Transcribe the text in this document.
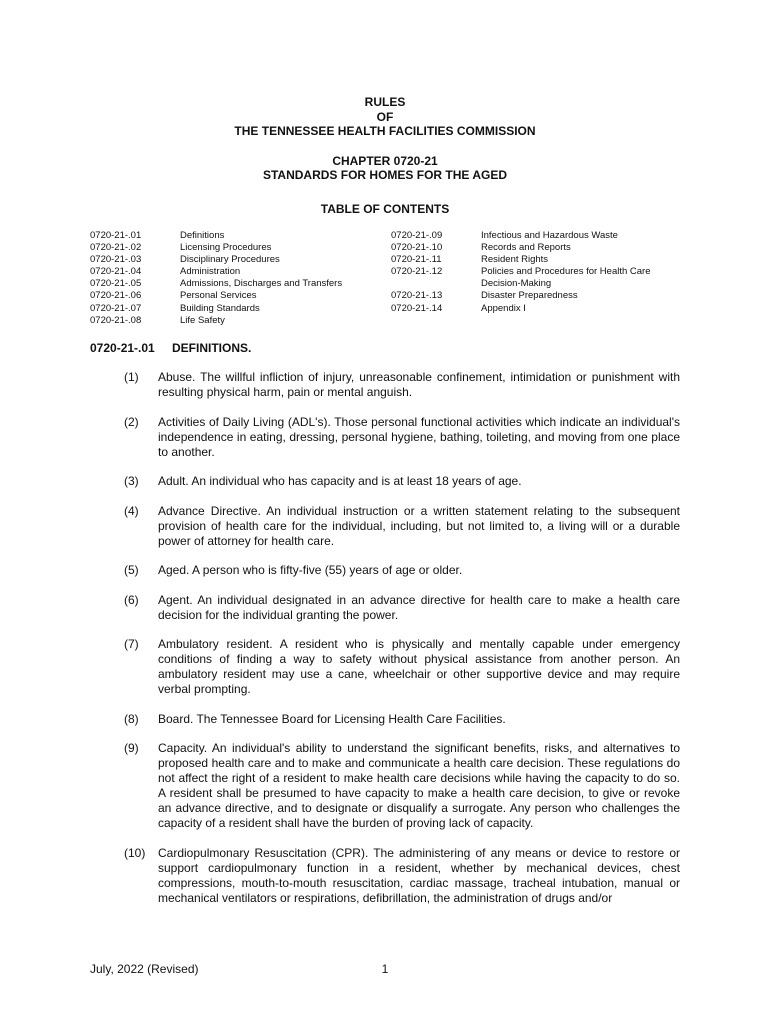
RULES
OF
THE TENNESSEE HEALTH FACILITIES COMMISSION
CHAPTER 0720-21
STANDARDS FOR HOMES FOR THE AGED
TABLE OF CONTENTS
0720-21-.01	Definitions
0720-21-.02	Licensing Procedures
0720-21-.03	Disciplinary Procedures
0720-21-.04	Administration
0720-21-.05	Admissions, Discharges and Transfers
0720-21-.06	Personal Services
0720-21-.07	Building Standards
0720-21-.08	Life Safety
0720-21-.09	Infectious and Hazardous Waste
0720-21-.10	Records and Reports
0720-21-.11	Resident Rights
0720-21-.12	Policies and Procedures for Health Care
Decision-Making
0720-21-.13	Disaster Preparedness
0720-21-.14	Appendix I
0720-21-.01 DEFINITIONS.
(1)	Abuse. The willful infliction of injury, unreasonable confinement, intimidation or punishment with resulting physical harm, pain or mental anguish.
(2)	Activities of Daily Living (ADL's). Those personal functional activities which indicate an individual's independence in eating, dressing, personal hygiene, bathing, toileting, and moving from one place to another.
(3)	Adult. An individual who has capacity and is at least 18 years of age.
(4)	Advance Directive. An individual instruction or a written statement relating to the subsequent provision of health care for the individual, including, but not limited to, a living will or a durable power of attorney for health care.
(5)	Aged. A person who is fifty-five (55) years of age or older.
(6)	Agent. An individual designated in an advance directive for health care to make a health care decision for the individual granting the power.
(7)	Ambulatory resident. A resident who is physically and mentally capable under emergency conditions of finding a way to safety without physical assistance from another person. An ambulatory resident may use a cane, wheelchair or other supportive device and may require verbal prompting.
(8)	Board. The Tennessee Board for Licensing Health Care Facilities.
(9)	Capacity. An individual's ability to understand the significant benefits, risks, and alternatives to proposed health care and to make and communicate a health care decision. These regulations do not affect the right of a resident to make health care decisions while having the capacity to do so. A resident shall be presumed to have capacity to make a health care decision, to give or revoke an advance directive, and to designate or disqualify a surrogate. Any person who challenges the capacity of a resident shall have the burden of proving lack of capacity.
(10)	Cardiopulmonary Resuscitation (CPR). The administering of any means or device to restore or support cardiopulmonary function in a resident, whether by mechanical devices, chest compressions, mouth-to-mouth resuscitation, cardiac massage, tracheal intubation, manual or mechanical ventilators or respirations, defibrillation, the administration of drugs and/or
July, 2022 (Revised)	1
